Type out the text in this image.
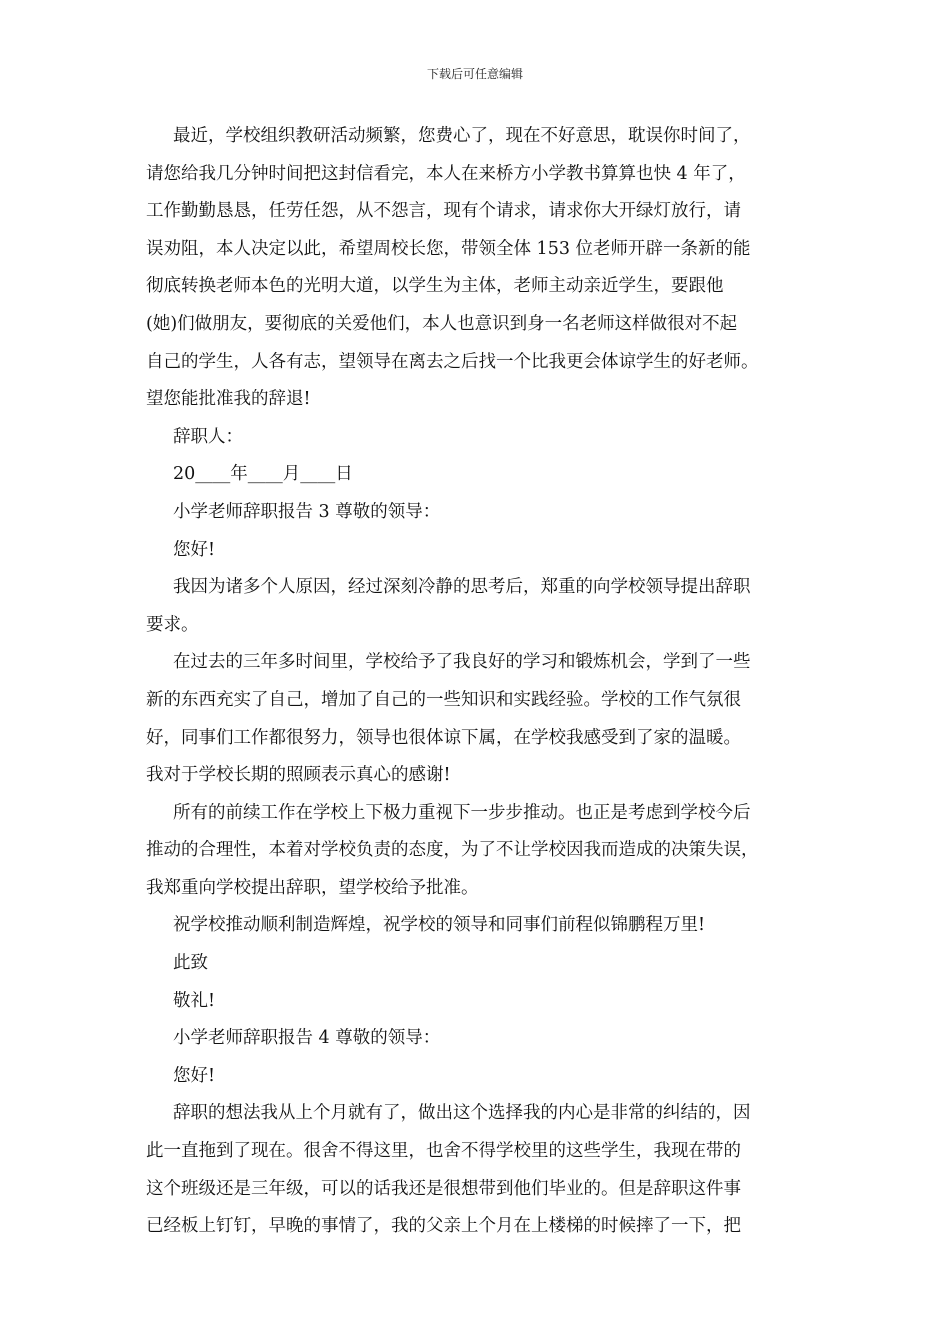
下载后可任意编辑
最近，学校组织教研活动频繁，您费心了，现在不好意思，耽误你时间了，
请您给我几分钟时间把这封信看完，本人在来桥方小学教书算算也快 4 年了，
工作勤勤恳恳，任劳任怨，从不怨言，现有个请求，请求你大开绿灯放行，请
误劝阻，本人决定以此，希望周校长您，带领全体 153 位老师开辟一条新的能
彻底转换老师本色的光明大道，以学生为主体，老师主动亲近学生，要跟他
(她)们做朋友，要彻底的关爱他们，本人也意识到身一名老师这样做很对不起
自己的学生，人各有志，望领导在离去之后找一个比我更会体谅学生的好老师。
望您能批准我的辞退!
辞职人：
20____年____月____日
小学老师辞职报告 3 尊敬的领导：
您好!
我因为诸多个人原因，经过深刻冷静的思考后，郑重的向学校领导提出辞职
要求。
在过去的三年多时间里，学校给予了我良好的学习和锻炼机会，学到了一些
新的东西充实了自己，增加了自己的一些知识和实践经验。学校的工作气氛很
好，同事们工作都很努力，领导也很体谅下属，在学校我感受到了家的温暖。
我对于学校长期的照顾表示真心的感谢!
所有的前续工作在学校上下极力重视下一步步推动。也正是考虑到学校今后
推动的合理性，本着对学校负责的态度，为了不让学校因我而造成的决策失误，
我郑重向学校提出辞职，望学校给予批准。
祝学校推动顺利制造辉煌，祝学校的领导和同事们前程似锦鹏程万里!
此致
敬礼!
小学老师辞职报告 4 尊敬的领导：
您好!
辞职的想法我从上个月就有了，做出这个选择我的内心是非常的纠结的，因
此一直拖到了现在。很舍不得这里，也舍不得学校里的这些学生，我现在带的
这个班级还是三年级，可以的话我还是很想带到他们毕业的。但是辞职这件事
已经板上钉钉，早晚的事情了，我的父亲上个月在上楼梯的时候摔了一下，把
